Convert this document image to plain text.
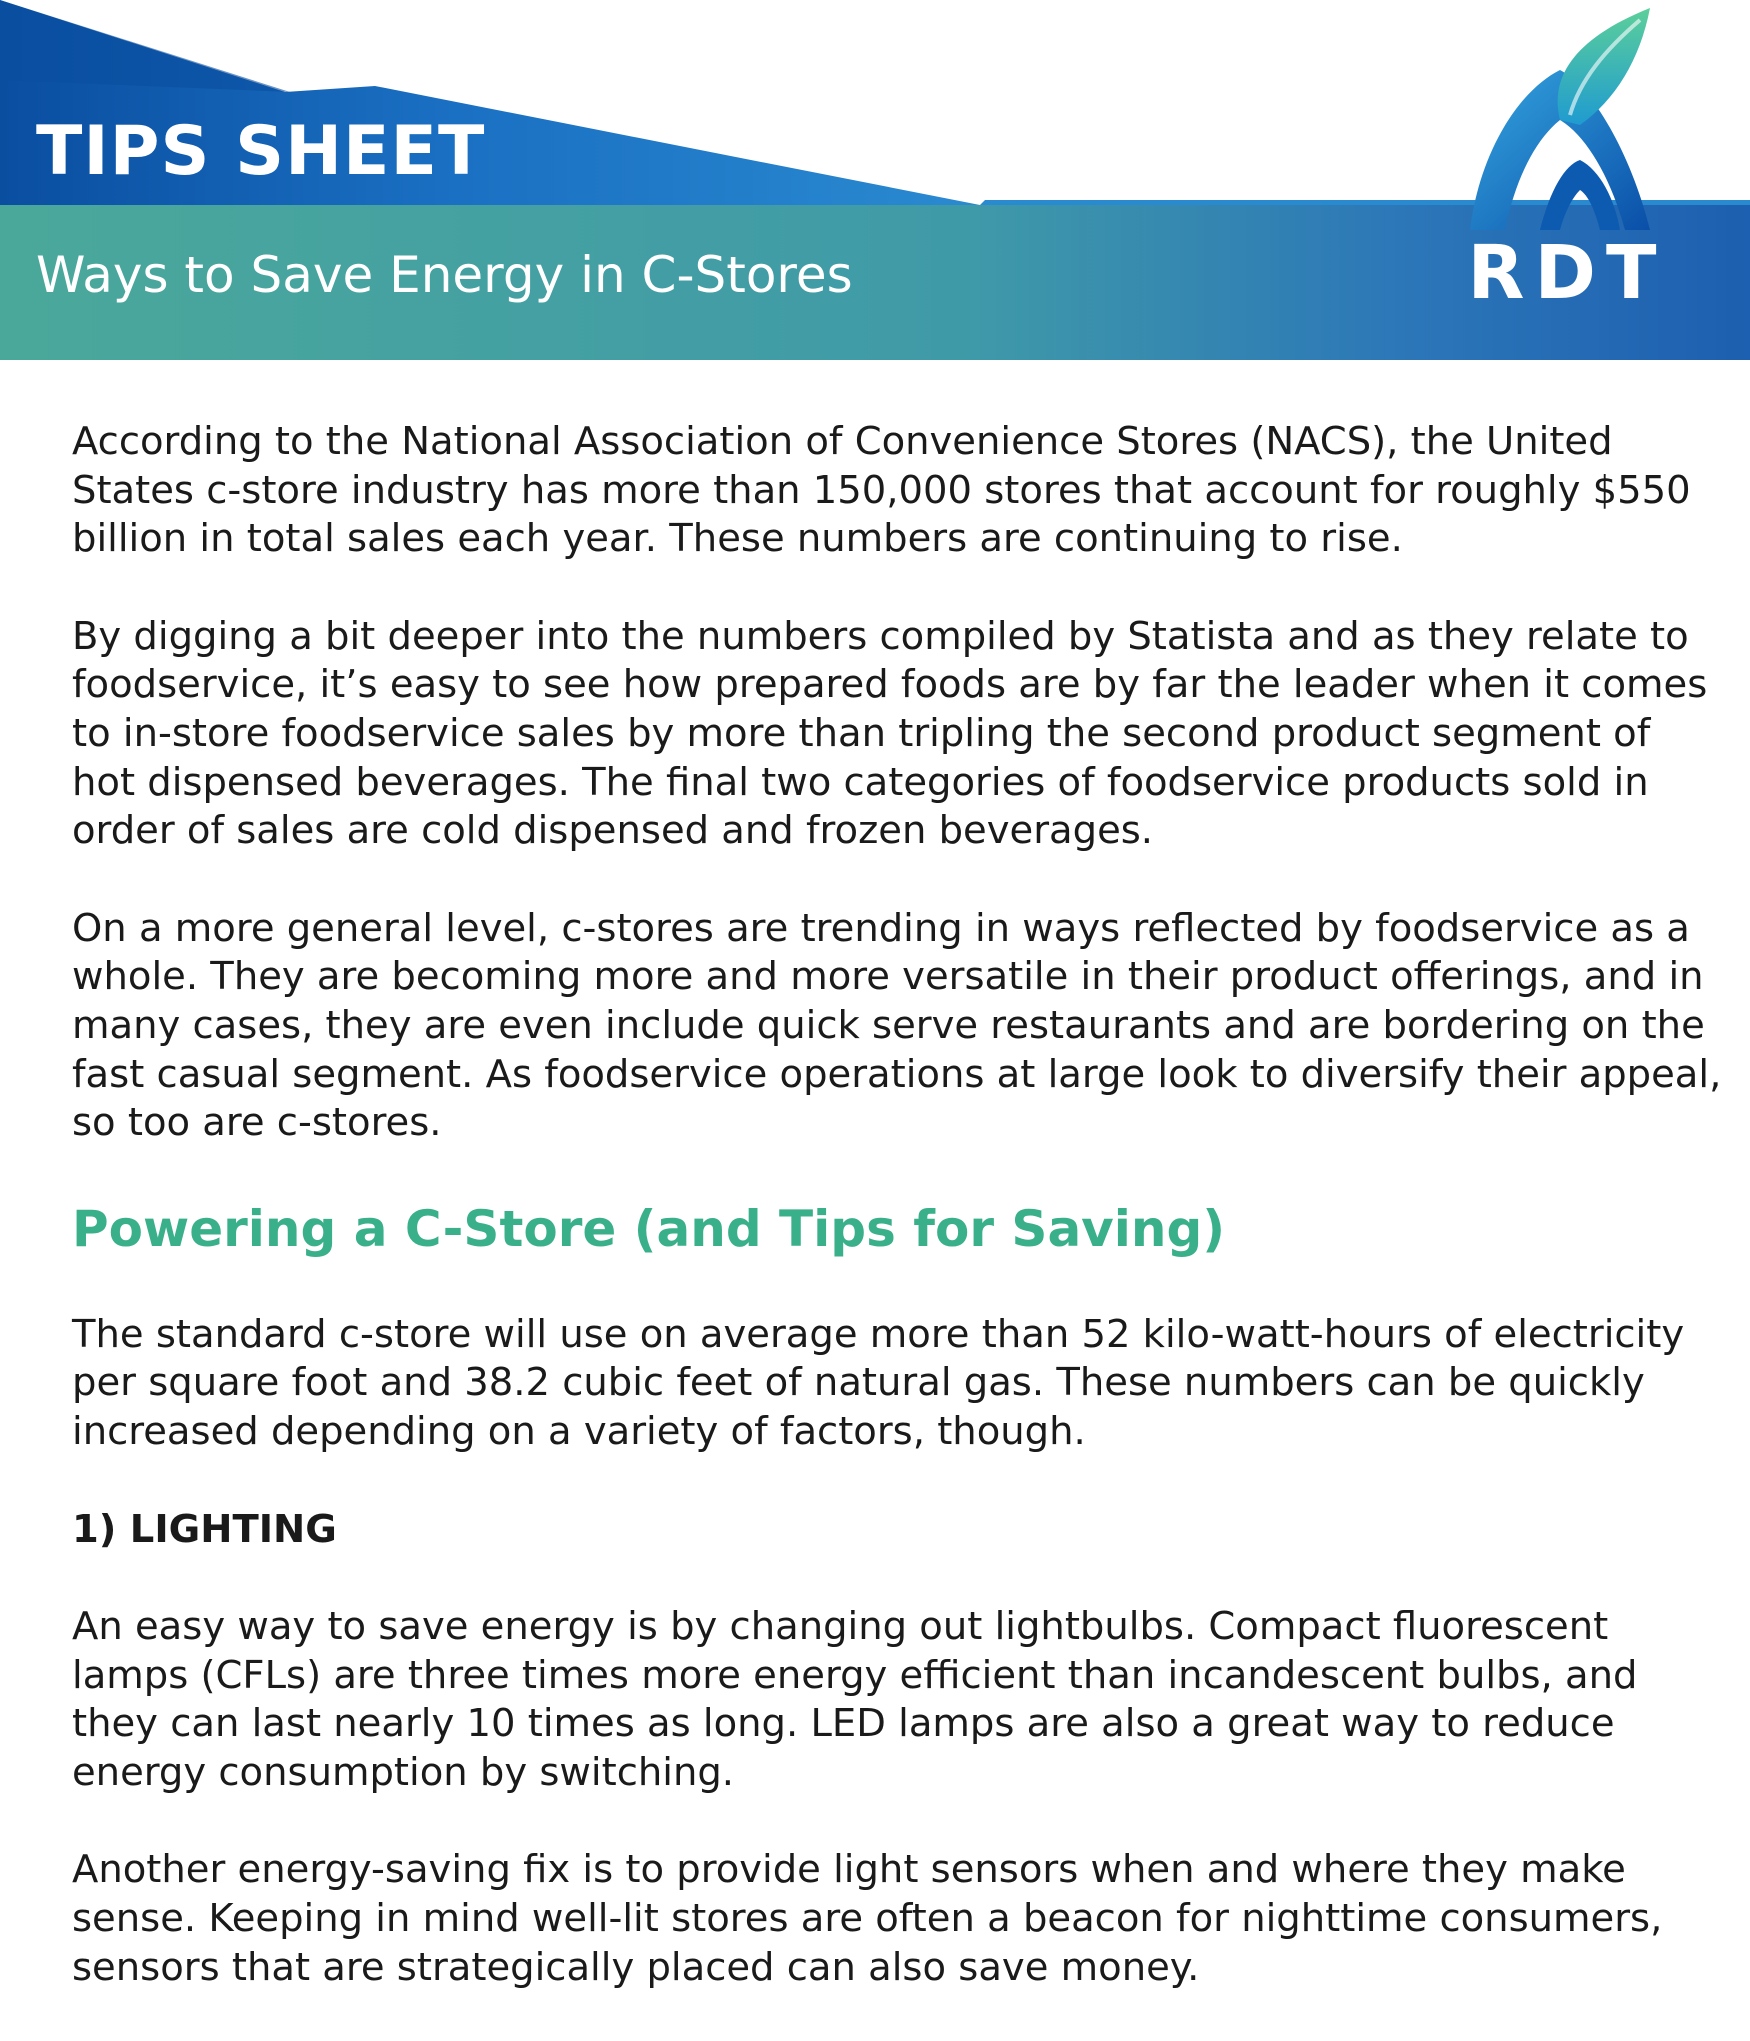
TIPS SHEET
Ways to Save Energy in C-Stores	RDT

According to the National Association of Convenience Stores (NACS), the United States c-store industry has more than 150,000 stores that account for roughly $550 billion in total sales each year. These numbers are continuing to rise.

By digging a bit deeper into the numbers compiled by Statista and as they relate to foodservice, it’s easy to see how prepared foods are by far the leader when it comes to in-store foodservice sales by more than tripling the second product segment of hot dispensed beverages. The final two categories of foodservice products sold in order of sales are cold dispensed and frozen beverages.

On a more general level, c-stores are trending in ways reflected by foodservice as a whole. They are becoming more and more versatile in their product offerings, and in many cases, they are even include quick serve restaurants and are bordering on the fast casual segment. As foodservice operations at large look to diversify their appeal, so too are c-stores.

Powering a C-Store (and Tips for Saving)

The standard c-store will use on average more than 52 kilo-watt-hours of electricity per square foot and 38.2 cubic feet of natural gas. These numbers can be quickly increased depending on a variety of factors, though.

1) LIGHTING

An easy way to save energy is by changing out lightbulbs. Compact fluorescent lamps (CFLs) are three times more energy efficient than incandescent bulbs, and they can last nearly 10 times as long. LED lamps are also a great way to reduce energy consumption by switching.

Another energy-saving fix is to provide light sensors when and where they make sense. Keeping in mind well-lit stores are often a beacon for nighttime consumers, sensors that are strategically placed can also save money.
